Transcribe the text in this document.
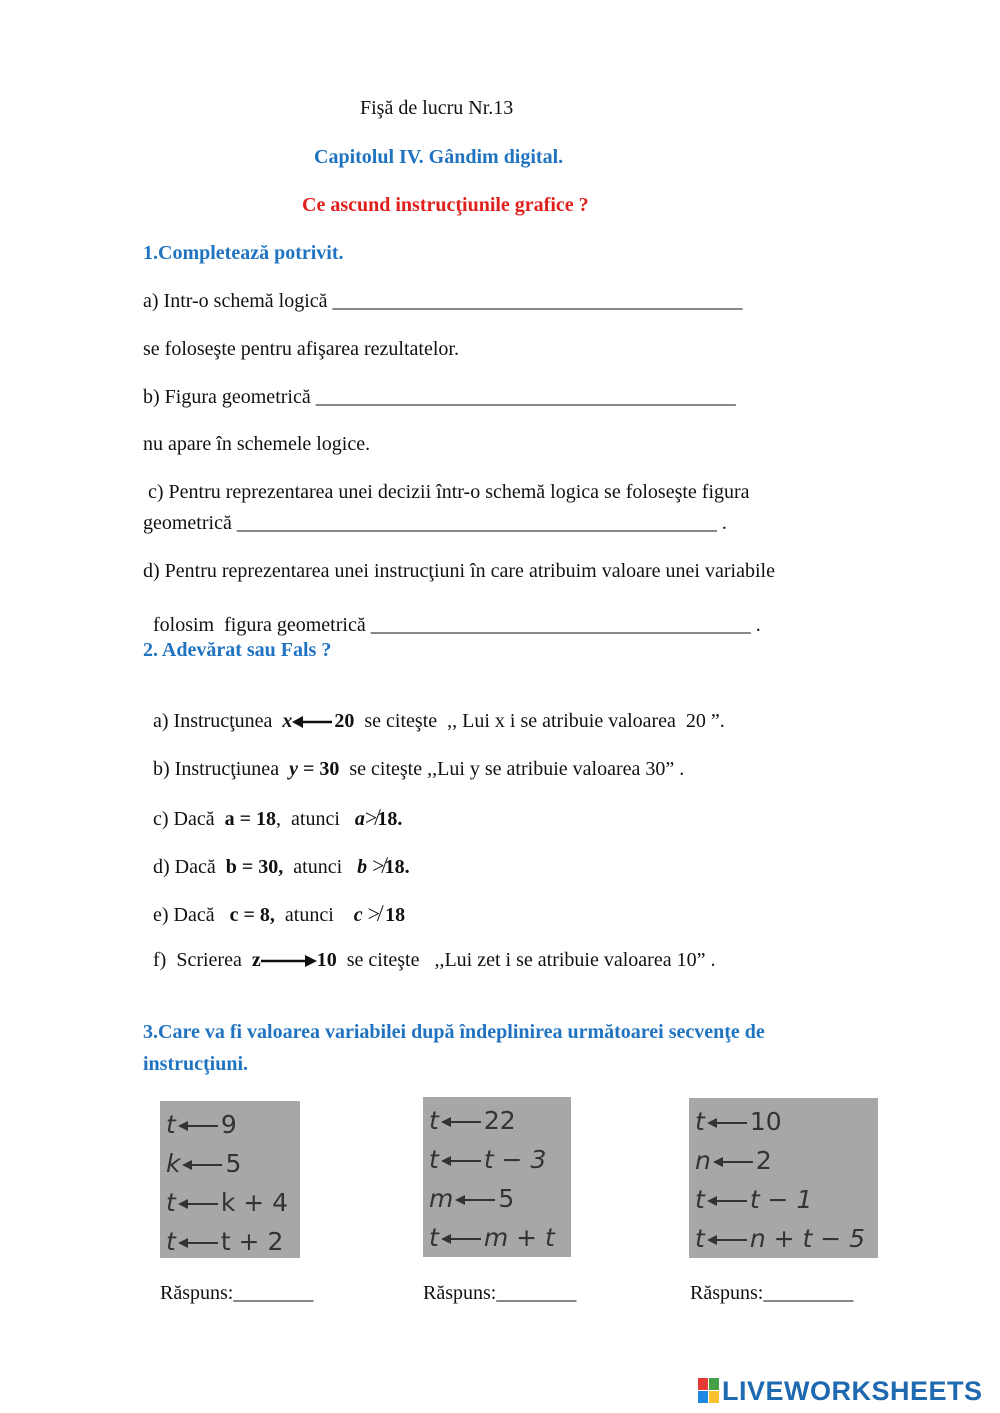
Fişă de lucru Nr.13
Capitolul IV. Gândim digital.
Ce ascund instrucţiunile grafice ?
1.Completează potrivit.
a) Intr-o schemă logică _________________________________________
se foloseşte pentru afişarea rezultatelor.
b) Figura geometrică __________________________________________
nu apare în schemele logice.
c) Pentru reprezentarea unei decizii într-o schemă logica se foloseşte figura
geometrică ________________________________________________ .
d) Pentru reprezentarea unei instrucţiuni în care atribuim valoare unei variabile

folosim  figura geometrică ______________________________________ .

2. Adevărat sau Fals ?

a) Instrucţunea  x 20  se citeşte  ,, Lui x i se atribuie valoarea  20 ”.

b) Instrucţiunea  y = 30  se citeşte ,,Lui y se atribuie valoarea 30” .

c) Dacă  a = 18,  atunci   a≯18.

d) Dacă  b = 30,  atunci   b ≯18.

e) Dacă   c = 8,  atunci    c ≯ 18

f)  Scrierea  z	10  se citeşte   ,,Lui zet i se atribuie valoarea 10” .

3.Care va fi valoarea variabilei după îndeplinirea următoarei secvenţe de
instrucţiuni.
t 9
k 5
t k + 4
t t + 2
t 22
t t − 3
m 5
t m + t
t 10
n 2
t t − 1
t n + t − 5
Răspuns:________	Răspuns:________	Răspuns:_________
LIVEWORKSHEETS
